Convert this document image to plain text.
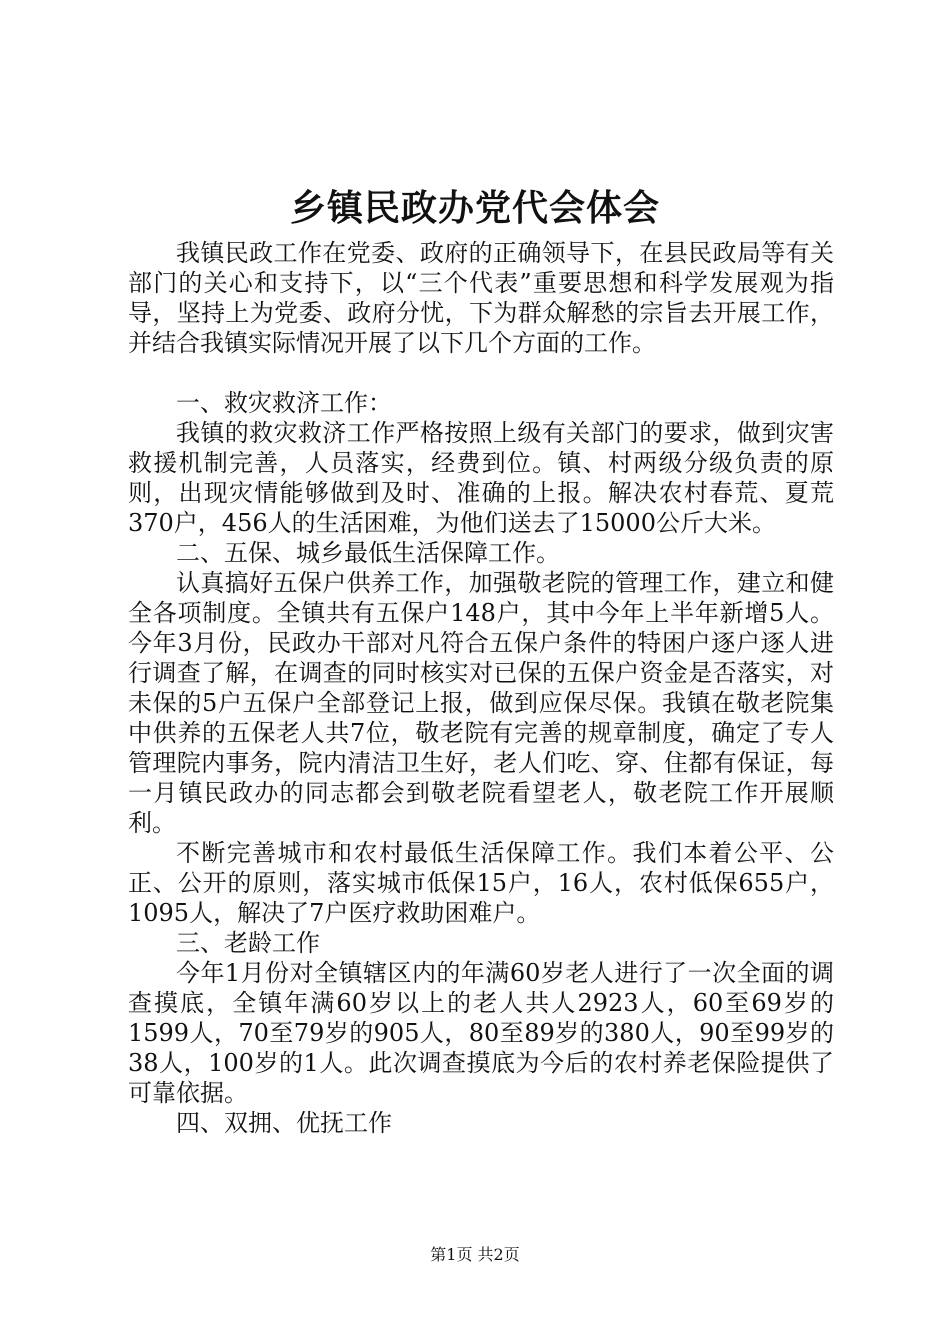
乡镇民政办党代会体会

我镇民政工作在党委、政府的正确领导下，在县民政局等有关部门的关心和支持下，以“三个代表”重要思想和科学发展观为指导，坚持上为党委、政府分忧，下为群众解愁的宗旨去开展工作，并结合我镇实际情况开展了以下几个方面的工作。

一、救灾救济工作：

我镇的救灾救济工作严格按照上级有关部门的要求，做到灾害救援机制完善，人员落实，经费到位。镇、村两级分级负责的原则，出现灾情能够做到及时、准确的上报。解决农村春荒、夏荒370户，456人的生活困难，为他们送去了15000公斤大米。

二、五保、城乡最低生活保障工作。

认真搞好五保户供养工作，加强敬老院的管理工作，建立和健全各项制度。全镇共有五保户148户，其中今年上半年新增5人。今年3月份，民政办干部对凡符合五保户条件的特困户逐户逐人进行调查了解，在调查的同时核实对已保的五保户资金是否落实，对未保的5户五保户全部登记上报，做到应保尽保。我镇在敬老院集中供养的五保老人共7位，敬老院有完善的规章制度，确定了专人管理院内事务，院内清洁卫生好，老人们吃、穿、住都有保证，每一月镇民政办的同志都会到敬老院看望老人，敬老院工作开展顺利。

不断完善城市和农村最低生活保障工作。我们本着公平、公正、公开的原则，落实城市低保15户，16人，农村低保655户，1095人，解决了7户医疗救助困难户。

三、老龄工作

今年1月份对全镇辖区内的年满60岁老人进行了一次全面的调查摸底，全镇年满60岁以上的老人共人2923人，60至69岁的1599人，70至79岁的905人，80至89岁的380人，90至99岁的38人，100岁的1人。此次调查摸底为今后的农村养老保险提供了可靠依据。

四、双拥、优抚工作

第1页 共2页
